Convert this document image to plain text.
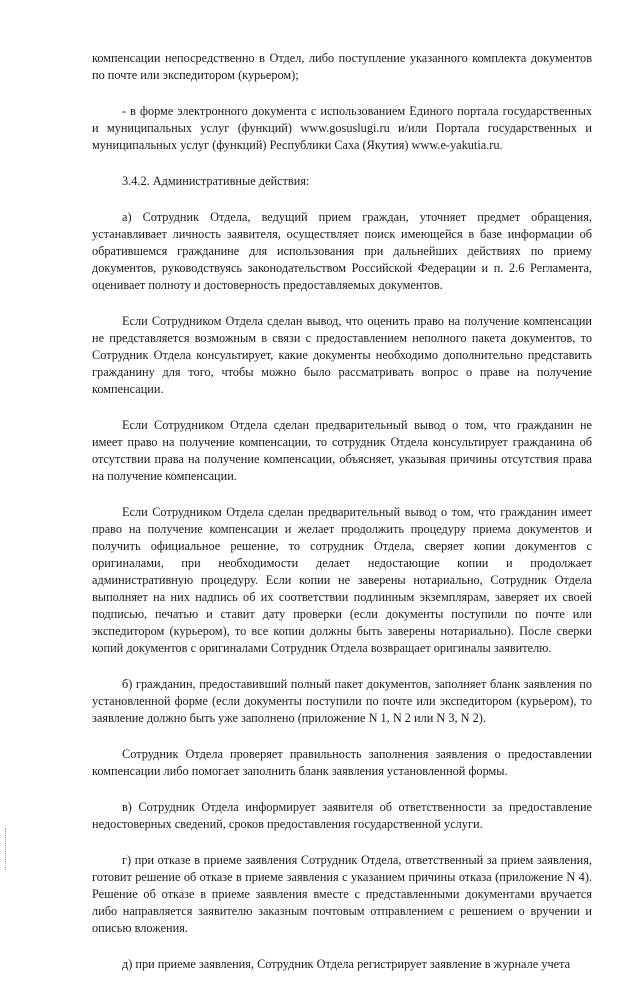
компенсации непосредственно в Отдел, либо поступление указанного комплекта документов по почте или экспедитором (курьером);

- в форме электронного документа с использованием Единого портала государственных и муниципальных услуг (функций) www.gosuslugi.ru и/или Портала государственных и муниципальных услуг (функций) Республики Саха (Якутия) www.e-yakutia.ru.

3.4.2. Административные действия:

а) Сотрудник Отдела, ведущий прием граждан, уточняет предмет обращения, устанавливает личность заявителя, осуществляет поиск имеющейся в базе информации об обратившемся гражданине для использования при дальнейших действиях по приему документов, руководствуясь законодательством Российской Федерации и п. 2.6 Регламента, оценивает полноту и достоверность предоставляемых документов.

Если Сотрудником Отдела сделан вывод, что оценить право на получение компенсации не представляется возможным в связи с предоставлением неполного пакета документов, то Сотрудник Отдела консультирует, какие документы необходимо дополнительно представить гражданину для того, чтобы можно было рассматривать вопрос о праве на получение компенсации.

Если Сотрудником Отдела сделан предварительный вывод о том, что гражданин не имеет право на получение компенсации, то сотрудник Отдела консультирует гражданина об отсутствии права на получение компенсации, объясняет, указывая причины отсутствия права на получение компенсации.

Если Сотрудником Отдела сделан предварительный вывод о том, что гражданин имеет право на получение компенсации и желает продолжить процедуру приема документов и получить официальное решение, то сотрудник Отдела, сверяет копии документов с оригиналами, при необходимости делает недостающие копии и продолжает административную процедуру. Если копии не заверены нотариально, Сотрудник Отдела выполняет на них надпись об их соответствии подлинным экземплярам, заверяет их своей подписью, печатью и ставит дату проверки (если документы поступили по почте или экспедитором (курьером), то все копии должны быть заверены нотариально). После сверки копий документов с оригиналами Сотрудник Отдела возвращает оригиналы заявителю.

б) гражданин, предоставивший полный пакет документов, заполняет бланк заявления по установленной форме (если документы поступили по почте или экспедитором (курьером), то заявление должно быть уже заполнено (приложение N 1, N 2 или N 3, N 2).

Сотрудник Отдела проверяет правильность заполнения заявления о предоставлении компенсации либо помогает заполнить бланк заявления установленной формы.

в) Сотрудник Отдела информирует заявителя об ответственности за предоставление недостоверных сведений, сроков предоставления государственной услуги.

г) при отказе в приеме заявления Сотрудник Отдела, ответственный за прием заявления, готовит решение об отказе в приеме заявления с указанием причины отказа (приложение N 4). Решение об отказе в приеме заявления вместе с представленными документами вручается либо направляется заявителю заказным почтовым отправлением с решением о вручении и описью вложения.

д) при приеме заявления, Сотрудник Отдела регистрирует заявление в журнале учета
